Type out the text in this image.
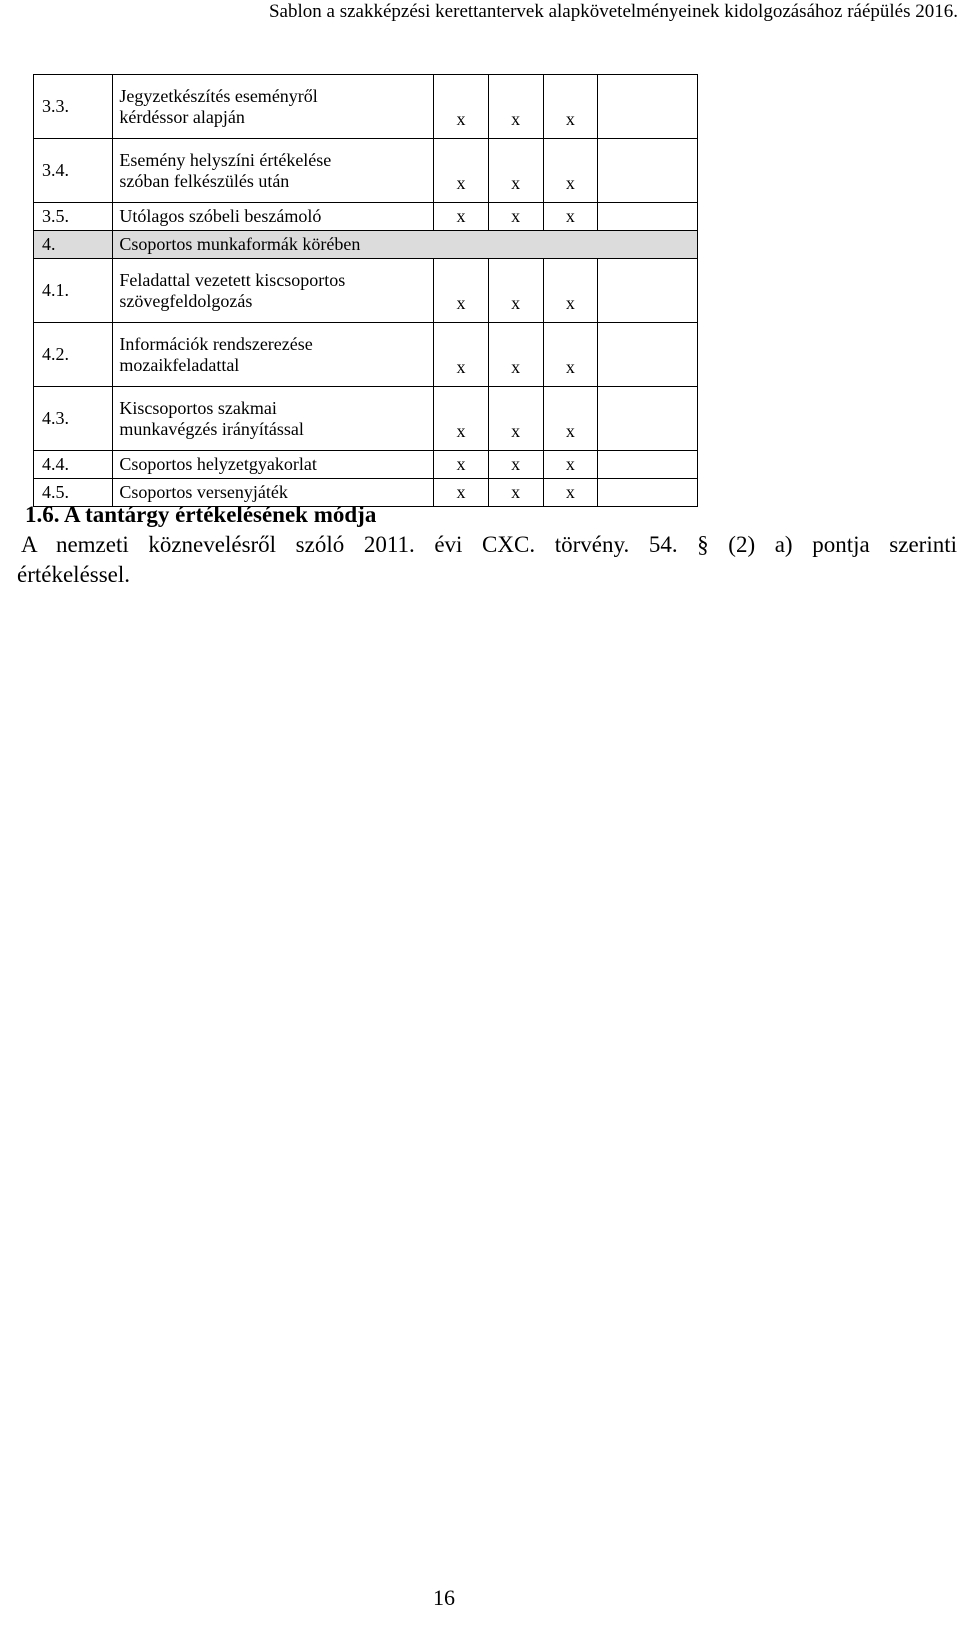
Sablon a szakképzési kerettantervek alapkövetelményeinek kidolgozásához ráépülés 2016.
3.3.	Jegyzetkészítés eseményről
kérdéssor alapján	x	x	x	
3.4.	Esemény helyszíni értékelése
szóban felkészülés után	x	x	x	
3.5.	Utólagos szóbeli beszámoló	x	x	x	
4.	Csoportos munkaformák körében				
4.1.	Feladattal vezetett kiscsoportos
szövegfeldolgozás	x	x	x	
4.2.	Információk rendszerezése
mozaikfeladattal	x	x	x	
4.3.	Kiscsoportos szakmai
munkavégzés irányítással	x	x	x	
4.4.	Csoportos helyzetgyakorlat	x	x	x	
4.5.	Csoportos versenyjáték	x	x	x	
1.6. A tantárgy értékelésének módja

A nemzeti köznevelésről szóló 2011. évi CXC. törvény. 54. § (2) a) pontja szerinti
értékeléssel.

16
